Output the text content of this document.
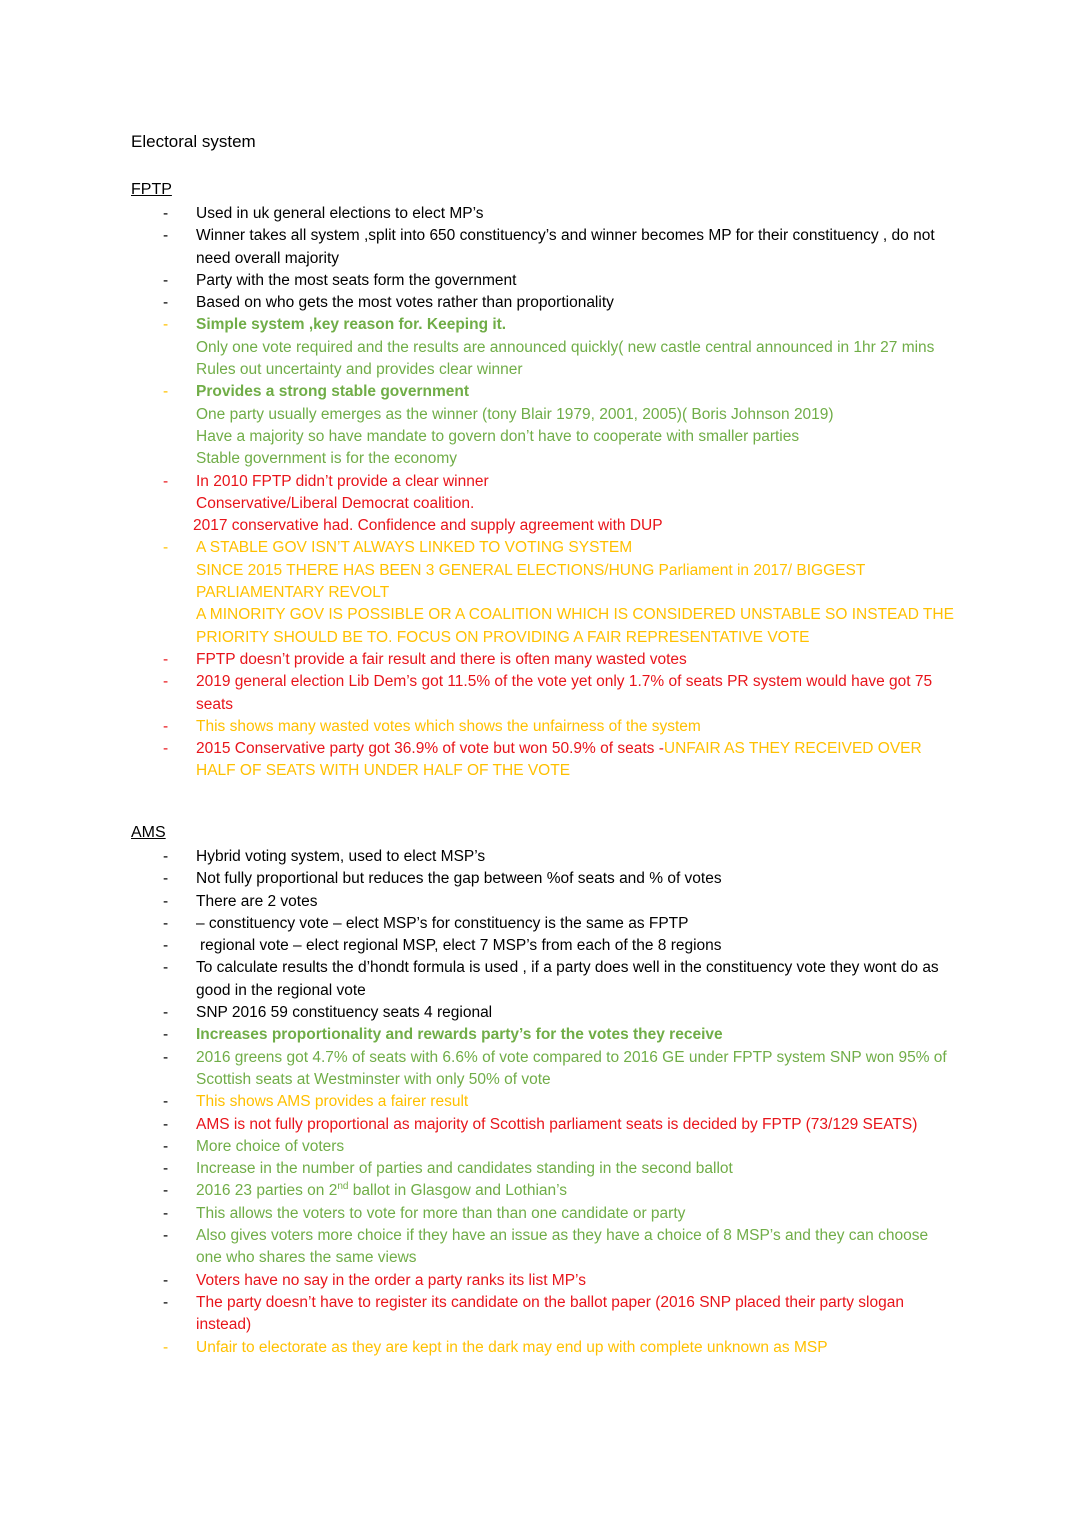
Electoral system
FPTP
-	Used in uk general elections to elect MP’s
-	Winner takes all system ,split into 650 constituency’s and winner becomes MP for their constituency , do not need overall majority
-	Party with the most seats form the government
-	Based on who gets the most votes rather than proportionality
-	Simple system ,key reason for. Keeping it.
Only one vote required and the results are announced quickly( new castle central announced in 1hr 27 mins
Rules out uncertainty and provides clear winner
-	Provides a strong stable government
One party usually emerges as the winner (tony Blair 1979, 2001, 2005)( Boris Johnson 2019)
Have a majority so have mandate to govern don’t have to cooperate with smaller parties
Stable government is for the economy
-	In 2010 FPTP didn’t provide a clear winner
Conservative/Liberal Democrat coalition.
2017 conservative had. Confidence and supply agreement with DUP
-	A STABLE GOV ISN’T ALWAYS LINKED TO VOTING SYSTEM
SINCE 2015 THERE HAS BEEN 3 GENERAL ELECTIONS/HUNG Parliament in 2017/ BIGGEST PARLIAMENTARY REVOLT
A MINORITY GOV IS POSSIBLE OR A COALITION WHICH IS CONSIDERED UNSTABLE SO INSTEAD THE PRIORITY SHOULD BE TO. FOCUS ON PROVIDING A FAIR REPRESENTATIVE VOTE
-	FPTP doesn’t provide a fair result and there is often many wasted votes
-	2019 general election Lib Dem’s got 11.5% of the vote yet only 1.7% of seats PR system would have got 75 seats
-	This shows many wasted votes which shows the unfairness of the system
-	2015 Conservative party got 36.9% of vote but won 50.9% of seats -UNFAIR AS THEY RECEIVED OVER HALF OF SEATS WITH UNDER HALF OF THE VOTE
AMS
-	Hybrid voting system, used to elect MSP’s
-	Not fully proportional but reduces the gap between %of seats and % of votes
-	There are 2 votes
-	– constituency vote – elect MSP’s for constituency is the same as FPTP
-	regional vote – elect regional MSP, elect 7 MSP’s from each of the 8 regions
-	To calculate results the d’hondt formula is used , if a party does well in the constituency vote they wont do as good in the regional vote
-	SNP 2016 59 constituency seats 4 regional
-	Increases proportionality and rewards party’s for the votes they receive
-	2016 greens got 4.7% of seats with 6.6% of vote compared to 2016 GE under FPTP system SNP won 95% of Scottish seats at Westminster with only 50% of vote
-	This shows AMS provides a fairer result
-	AMS is not fully proportional as majority of Scottish parliament seats is decided by FPTP (73/129 SEATS)
-	More choice of voters
-	Increase in the number of parties and candidates standing in the second ballot
-	2016 23 parties on 2nd ballot in Glasgow and Lothian’s
-	This allows the voters to vote for more than than one candidate or party
-	Also gives voters more choice if they have an issue as they have a choice of 8 MSP’s and they can choose one who shares the same views
-	Voters have no say in the order a party ranks its list MP’s
-	The party doesn’t have to register its candidate on the ballot paper (2016 SNP placed their party slogan instead)
-	Unfair to electorate as they are kept in the dark may end up with complete unknown as MSP
